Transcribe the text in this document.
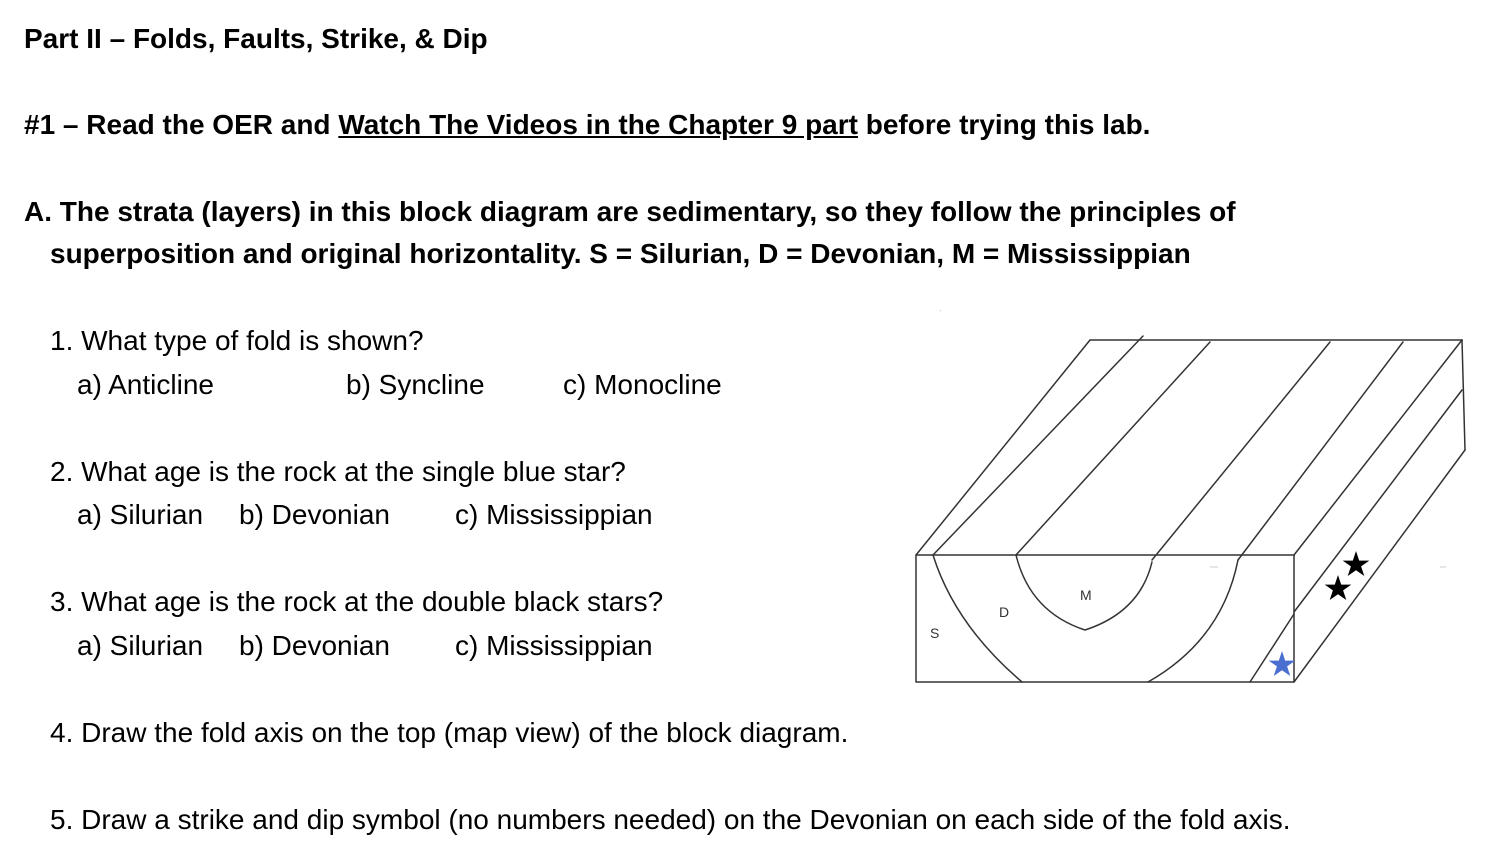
Part II – Folds, Faults, Strike, & Dip
#1 – Read the OER and Watch The Videos in the Chapter 9 part before trying this lab.
A. The strata (layers) in this block diagram are sedimentary, so they follow the principles of
superposition and original horizontality. S = Silurian, D = Devonian, M = Mississippian
1. What type of fold is shown?
a) Anticline	b) Syncline	c) Monocline
2. What age is the rock at the single blue star?
a) Silurian b) Devonian c) Mississippian
3. What age is the rock at the double black stars?
a) Silurian b) Devonian c) Mississippian
4. Draw the fold axis on the top (map view) of the block diagram.
5. Draw a strike and dip symbol (no numbers needed) on the Devonian on each side of the fold axis.
S
D
M
